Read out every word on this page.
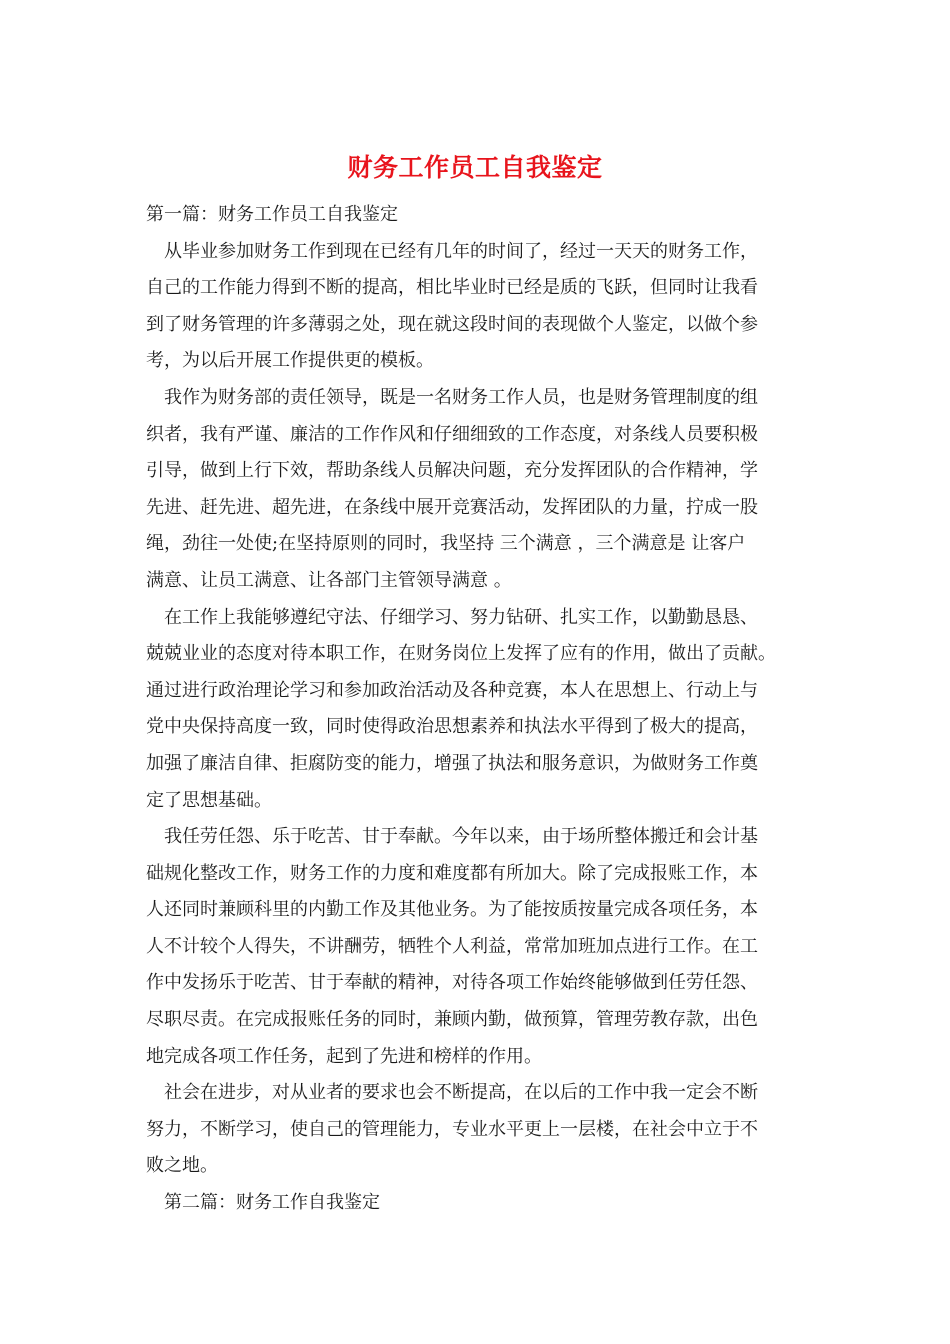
财务工作员工自我鉴定
第一篇：财务工作员工自我鉴定
从毕业参加财务工作到现在已经有几年的时间了，经过一天天的财务工作，
自己的工作能力得到不断的提高，相比毕业时已经是质的飞跃，但同时让我看
到了财务管理的许多薄弱之处，现在就这段时间的表现做个人鉴定，以做个参
考，为以后开展工作提供更的模板。
我作为财务部的责任领导，既是一名财务工作人员，也是财务管理制度的组
织者，我有严谨、廉洁的工作作风和仔细细致的工作态度，对条线人员要积极
引导，做到上行下效，帮助条线人员解决问题，充分发挥团队的合作精神，学
先进、赶先进、超先进，在条线中展开竞赛活动，发挥团队的力量，拧成一股
绳，劲往一处使;在坚持原则的同时，我坚持 三个满意 ，三个满意是 让客户
满意、让员工满意、让各部门主管领导满意 。
在工作上我能够遵纪守法、仔细学习、努力钻研、扎实工作，以勤勤恳恳、
兢兢业业的态度对待本职工作，在财务岗位上发挥了应有的作用，做出了贡献。
通过进行政治理论学习和参加政治活动及各种竞赛，本人在思想上、行动上与
党中央保持高度一致，同时使得政治思想素养和执法水平得到了极大的提高，
加强了廉洁自律、拒腐防变的能力，增强了执法和服务意识，为做财务工作奠
定了思想基础。
我任劳任怨、乐于吃苦、甘于奉献。今年以来，由于场所整体搬迁和会计基
础规化整改工作，财务工作的力度和难度都有所加大。除了完成报账工作，本
人还同时兼顾科里的内勤工作及其他业务。为了能按质按量完成各项任务，本
人不计较个人得失，不讲酬劳，牺牲个人利益，常常加班加点进行工作。在工
作中发扬乐于吃苦、甘于奉献的精神，对待各项工作始终能够做到任劳任怨、
尽职尽责。在完成报账任务的同时，兼顾内勤，做预算，管理劳教存款，出色
地完成各项工作任务，起到了先进和榜样的作用。
社会在进步，对从业者的要求也会不断提高，在以后的工作中我一定会不断
努力，不断学习，使自己的管理能力，专业水平更上一层楼，在社会中立于不
败之地。
第二篇：财务工作自我鉴定
